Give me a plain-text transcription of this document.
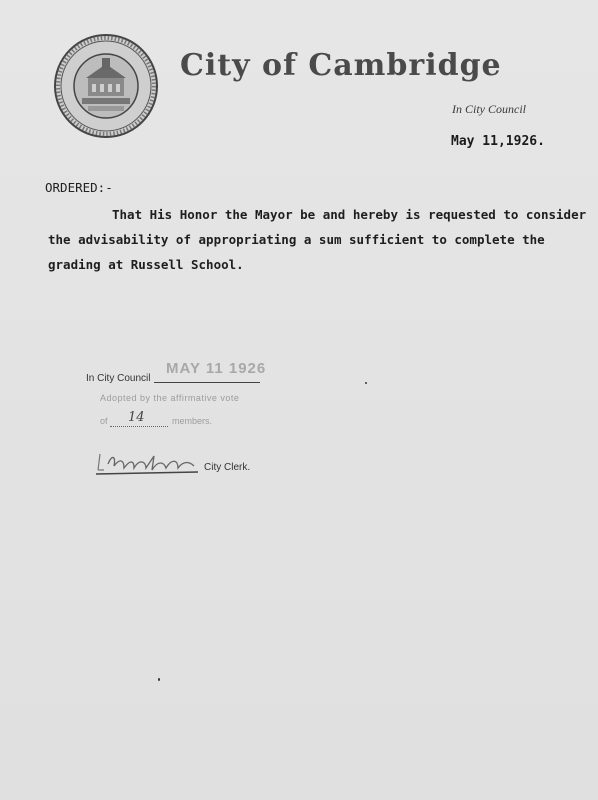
City of Cambridge
In City Council
May 11,1926.
ORDERED:-
That His Honor the Mayor be and hereby is requested to consider
the advisability of appropriating a sum sufficient to complete the
grading at Russell School.
MAY 11 1926
In City Council
Adopted by the affirmative vote
of 14	members.
City Clerk.
